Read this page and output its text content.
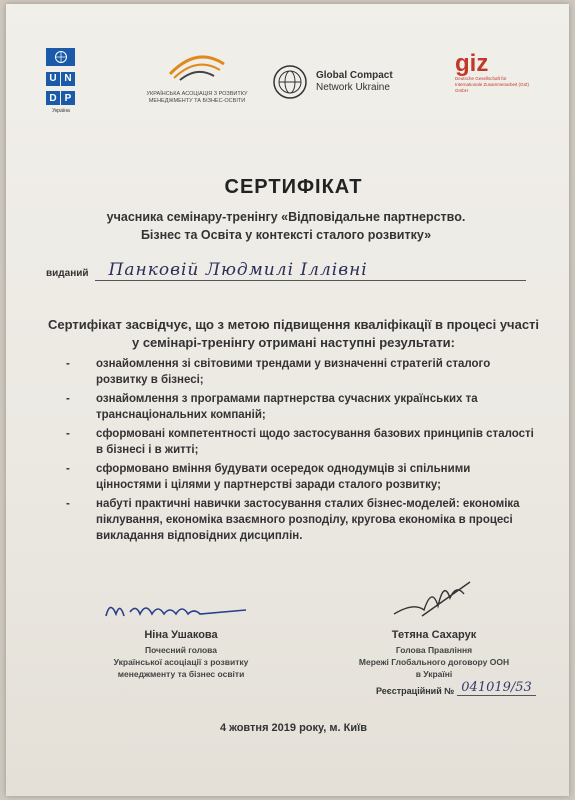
U N
D P
Україна
УКРАЇНСЬКА АСОЦІАЦІЯ З РОЗВИТКУ МЕНЕДЖМЕНТУ ТА БІЗНЕС-ОСВІТИ
Global Compact
Network Ukraine
giz
Deutsche Gesellschaft für Internationale Zusammenarbeit (GIZ) GmbH
СЕРТИФІКАТ
учасника семінару-тренінгу «Відповідальне партнерство.
Бізнес та Освіта у контексті сталого розвитку»
виданий	Панковій Людмилі Іллівні
Сертифікат засвідчує, що з метою підвищення кваліфікації в процесі участі
у семінарі-тренінгу отримані наступні результати:
- ознайомлення зі світовими трендами у визначенні стратегій сталого розвитку в бізнесі;
- ознайомлення з програмами партнерства сучасних українських та транснаціональних компаній;
- сформовані компетентності щодо застосування базових принципів сталості в бізнесі і в житті;
- сформовано вміння будувати осередок однодумців зі спільними цінностями і цілями у партнерстві заради сталого розвитку;
- набуті практичні навички застосування сталих бізнес-моделей: економіка піклування, економіка взаємного розподілу, кругова економіка в процесі викладання відповідних дисциплін.
Ніна Ушакова
Почесний голова
Української асоціації з розвитку
менеджменту та бізнес освіти
Тетяна Сахарук
Голова Правління
Мережі Глобального договору ООН
в Україні
Реєстраційний № 041019/53
4 жовтня 2019 року, м. Київ
